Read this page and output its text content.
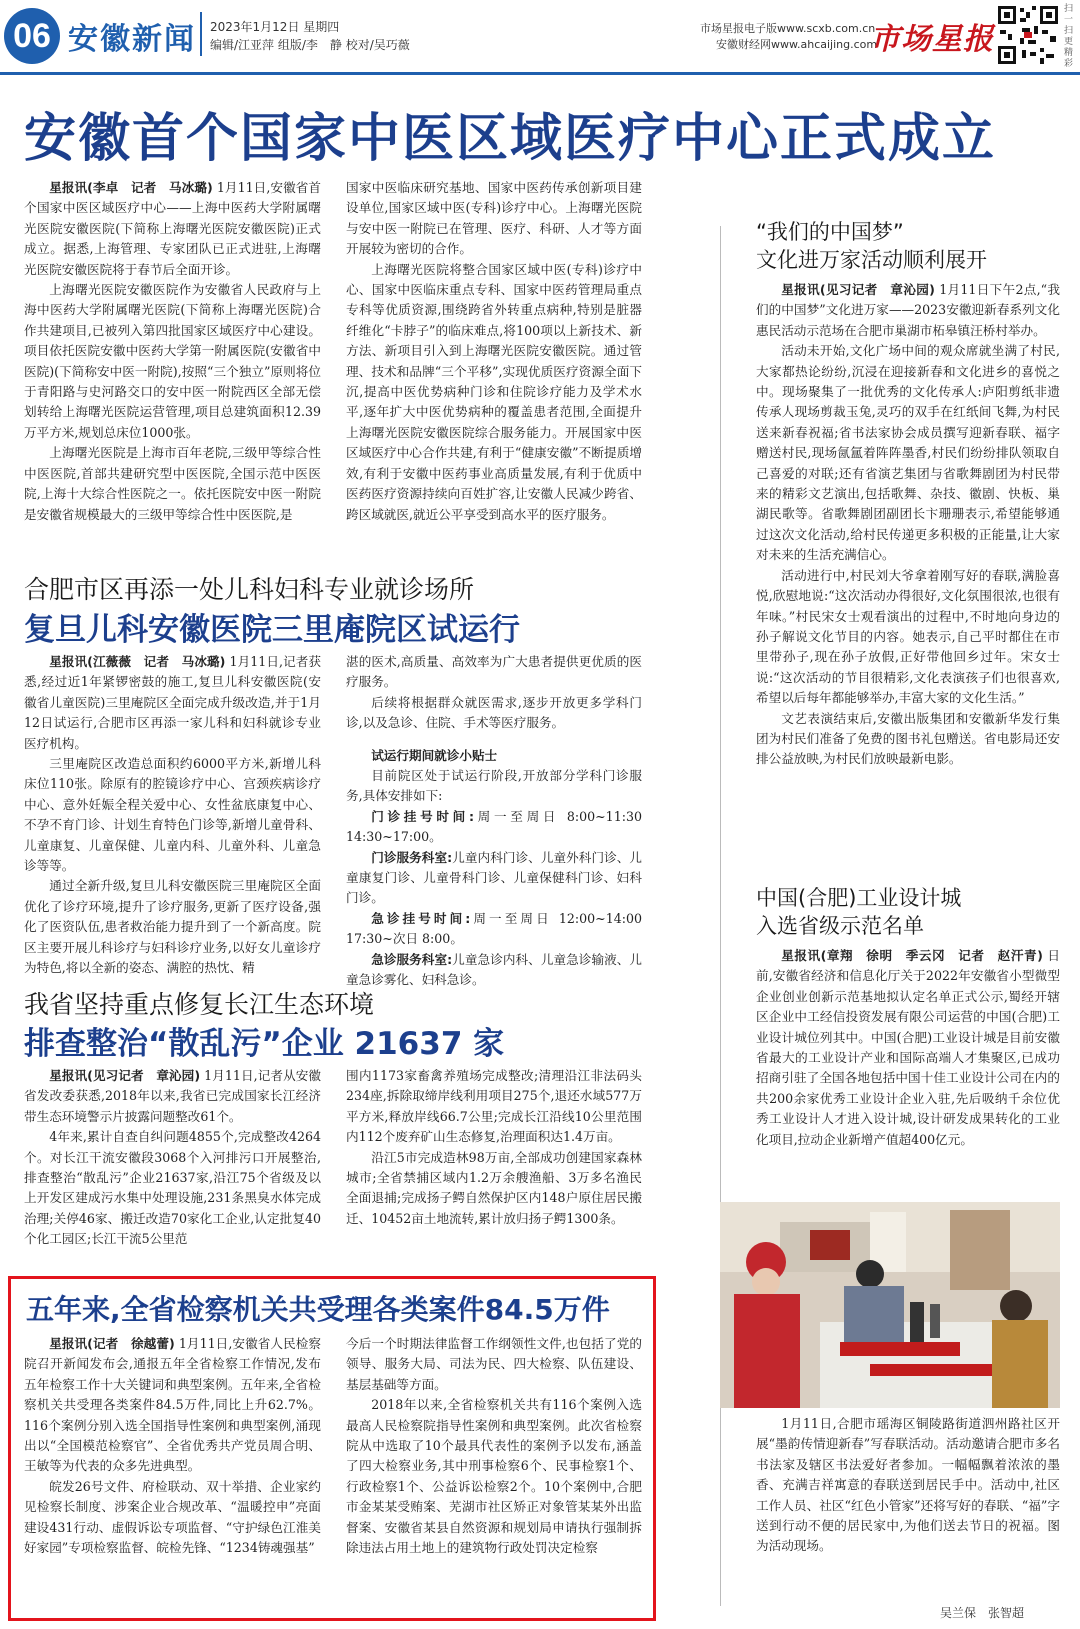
06 安徽新闻 2023年1月12日 星期四
编辑/江亚萍 组版/李　静 校对/吴巧薇
市场星报电子版www.scxb.com.cn
安徽财经网www.ahcaijing.com
市场星报
扫一扫更精彩
安徽首个国家中医区域医疗中心正式成立

星报讯(李卓　记者　马冰璐) 1月11日,安徽省首个国家中医区域医疗中心——上海中医药大学附属曙光医院安徽医院(下简称上海曙光医院安徽医院)正式成立。据悉,上海管理、专家团队已正式进驻,上海曙光医院安徽医院将于春节后全面开诊。

上海曙光医院安徽医院作为安徽省人民政府与上海中医药大学附属曙光医院(下简称上海曙光医院)合作共建项目,已被列入第四批国家区域医疗中心建设。项目依托医院安徽中医药大学第一附属医院(安徽省中医院)(下简称安中医一附院),按照“三个独立”原则将位于青阳路与史河路交口的安中医一附院西区全部无偿划转给上海曙光医院运营管理,项目总建筑面积12.39万平方米,规划总床位1000张。

上海曙光医院是上海市百年老院,三级甲等综合性中医医院,首部共建研究型中医医院,全国示范中医医院,上海十大综合性医院之一。依托医院安中医一附院是安徽省规模最大的三级甲等综合性中医医院,是

国家中医临床研究基地、国家中医药传承创新项目建设单位,国家区域中医(专科)诊疗中心。上海曙光医院与安中医一附院已在管理、医疗、科研、人才等方面开展较为密切的合作。

上海曙光医院将整合国家区域中医(专科)诊疗中心、国家中医临床重点专科、国家中医药管理局重点专科等优质资源,围绕跨省外转重点病种,特别是脏器纤维化“卡脖子”的临床难点,将100项以上新技术、新方法、新项目引入到上海曙光医院安徽医院。通过管理、技术和品牌“三个平移”,实现优质医疗资源全面下沉,提高中医优势病种门诊和住院诊疗能力及学术水平,逐年扩大中医优势病种的覆盖患者范围,全面提升上海曙光医院安徽医院综合服务能力。开展国家中医区域医疗中心合作共建,有利于“健康安徽”不断提质增效,有利于安徽中医药事业高质量发展,有利于优质中医药医疗资源持续向百姓扩容,让安徽人民减少跨省、跨区域就医,就近公平享受到高水平的医疗服务。

合肥市区再添一处儿科妇科专业就诊场所
复旦儿科安徽医院三里庵院区试运行

星报讯(江薇薇　记者　马冰璐) 1月11日,记者获悉,经过近1年紧锣密鼓的施工,复旦儿科安徽医院(安徽省儿童医院)三里庵院区全面完成升级改造,并于1月12日试运行,合肥市区再添一家儿科和妇科就诊专业医疗机构。

三里庵院区改造总面积约6000平方米,新增儿科床位110张。除原有的腔镜诊疗中心、宫颈疾病诊疗中心、意外妊娠全程关爱中心、女性盆底康复中心、不孕不育门诊、计划生育特色门诊等,新增儿童骨科、儿童康复、儿童保健、儿童内科、儿童外科、儿童急诊等等。

通过全新升级,复旦儿科安徽医院三里庵院区全面优化了诊疗环境,提升了诊疗服务,更新了医疗设备,强化了医资队伍,患者救治能力提升到了一个新高度。院区主要开展儿科诊疗与妇科诊疗业务,以好女儿童诊疗为特色,将以全新的姿态、满腔的热忱、精

湛的医术,高质量、高效率为广大患者提供更优质的医疗服务。

后续将根据群众就医需求,逐步开放更多学科门诊,以及急诊、住院、手术等医疗服务。

试运行期间就诊小贴士

目前院区处于试运行阶段,开放部分学科门诊服务,具体安排如下:

门诊挂号时间:周一至周日 8:00~11:30　14:30~17:00。

门诊服务科室:儿童内科门诊、儿童外科门诊、儿童康复门诊、儿童骨科门诊、儿童保健科门诊、妇科门诊。

急诊挂号时间:周一至周日 12:00~14:00　17:30~次日 8:00。

急诊服务科室:儿童急诊内科、儿童急诊输液、儿童急诊雾化、妇科急诊。

我省坚持重点修复长江生态环境
排查整治“散乱污”企业 21637 家

星报讯(见习记者　章沁园) 1月11日,记者从安徽省发改委获悉,2018年以来,我省已完成国家长江经济带生态环境警示片披露问题整改61个。

4年来,累计自查自纠问题4855个,完成整改4264个。对长江干流安徽段3068个入河排污口开展整治,排查整治“散乱污”企业21637家,沿江75个省级及以上开发区建成污水集中处理设施,231条黑臭水体完成治理;关停46家、搬迁改造70家化工企业,认定批复40个化工园区;长江干流5公里范

围内1173家畜禽养殖场完成整改;清理沿江非法码头234座,拆除取缔岸线利用项目275个,退还水域577万平方米,释放岸线66.7公里;完成长江沿线10公里范围内112个废弃矿山生态修复,治理面积达1.4万亩。

沿江5市完成造林98万亩,全部成功创建国家森林城市;全省禁捕区域内1.2万余艘渔船、3万多名渔民全面退捕;完成扬子鳄自然保护区内148户原住居民搬迁、10452亩土地流转,累计放归扬子鳄1300条。

五年来,全省检察机关共受理各类案件84.5万件

星报讯(记者　徐越蕾) 1月11日,安徽省人民检察院召开新闻发布会,通报五年全省检察工作情况,发布五年检察工作十大关键词和典型案例。五年来,全省检察机关共受理各类案件84.5万件,同比上升62.7%。116个案例分别入选全国指导性案例和典型案例,涌现出以“全国模范检察官”、全省优秀共产党员周合明、王敏等为代表的众多先进典型。

皖发26号文件、府检联动、双十举措、企业家约见检察长制度、涉案企业合规改革、“温暖控申”亮面建设431行动、虚假诉讼专项监督、“守护绿色江淮美好家园”专项检察监督、皖检先锋、“1234铸魂强基”

今后一个时期法律监督工作纲领性文件,也包括了党的领导、服务大局、司法为民、四大检察、队伍建设、基层基础等方面。

2018年以来,全省检察机关共有116个案例入选最高人民检察院指导性案例和典型案例。此次省检察院从中选取了10个最具代表性的案例予以发布,涵盖了四大检察业务,其中刑事检察6个、民事检察1个、行政检察1个、公益诉讼检察2个。10个案例中,合肥市金某某受贿案、芜湖市社区矫正对象管某某外出监督案、安徽省某县自然资源和规划局申请执行强制拆除违法占用土地上的建筑物行政处罚决定检察

“我们的中国梦”
文化进万家活动顺利展开

星报讯(见习记者　章沁园) 1月11日下午2点,“我们的中国梦”文化进万家——2023安徽迎新春系列文化惠民活动示范场在合肥市巢湖市柘皋镇汪桥村举办。

活动未开始,文化广场中间的观众席就坐满了村民,大家都热论纷纷,沉浸在迎接新春和文化进乡的喜悦之中。现场聚集了一批优秀的文化传承人:庐阳剪纸非遗传承人现场剪裁玉兔,灵巧的双手在红纸间飞舞,为村民送来新春祝福;省书法家协会成员撰写迎新春联、福字赠送村民,现场氤氲着阵阵墨香,村民们纷纷排队领取自己喜爱的对联;还有省演艺集团与省歌舞剧团为村民带来的精彩文艺演出,包括歌舞、杂技、徽剧、快板、巢湖民歌等。省歌舞剧团副团长卞珊珊表示,希望能够通过这次文化活动,给村民传递更多积极的正能量,让大家对未来的生活充满信心。

活动进行中,村民刘大爷拿着刚写好的春联,满脸喜悦,欣慰地说:“这次活动办得很好,文化氛围很浓,也很有年味。”村民宋女士观看演出的过程中,不时地向身边的孙子解说文化节目的内容。她表示,自己平时都住在市里带孙子,现在孙子放假,正好带他回乡过年。宋女士说:“这次活动的节目很精彩,文化表演孩子们也很喜欢,希望以后每年都能够举办,丰富大家的文化生活。”

文艺表演结束后,安徽出版集团和安徽新华发行集团为村民们准备了免费的图书礼包赠送。省电影局还安排公益放映,为村民们放映最新电影。

中国(合肥)工业设计城
入选省级示范名单

星报讯(章翔　徐明　季云冈　记者　赵汗青) 日前,安徽省经济和信息化厅关于2022年安徽省小型微型企业创业创新示范基地拟认定名单正式公示,蜀经开辖区企业中工经信投资发展有限公司运营的中国(合肥)工业设计城位列其中。中国(合肥)工业设计城是目前安徽省最大的工业设计产业和国际高端人才集聚区,已成功招商引驻了全国各地包括中国十佳工业设计公司在内的共200余家优秀工业设计企业入驻,先后吸纳千余位优秀工业设计人才进入设计城,设计研发成果转化的工业化项目,拉动企业新增产值超400亿元。

1月11日,合肥市瑶海区铜陵路街道泗州路社区开展“墨韵传情迎新春”写春联活动。活动邀请合肥市多名书法家及辖区书法爱好者参加。一幅幅飘着浓浓的墨香、充满吉祥寓意的春联送到居民手中。活动中,社区工作人员、社区“红色小管家”还将写好的春联、“福”字送到行动不便的居民家中,为他们送去节日的祝福。图为活动现场。

吴兰保　张智超
